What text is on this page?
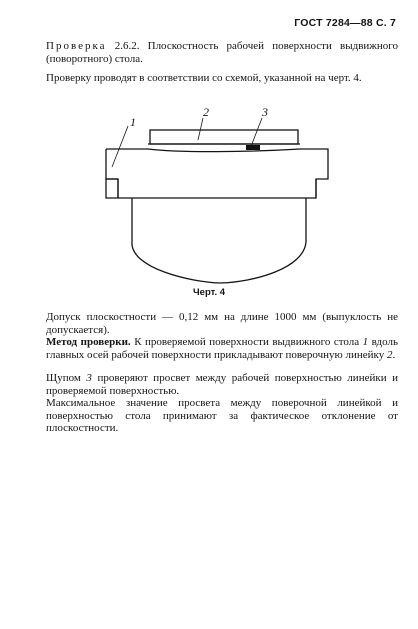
ГОСТ 7284—88 С. 7
Проверка 2.6.2. Плоскостность рабочей поверхности выдвижного (поворотного) стола.
Проверку проводят в соответствии со схемой, указанной на черт. 4.
1
2	3
Черт. 4
Допуск плоскостности — 0,12 мм на длине 1000 мм (выпуклость не допускается).
Метод проверки. К проверяемой поверхности выдвижного стола 1 вдоль главных осей рабочей поверхности прикладывают поверочную линейку 2.
Щупом 3 проверяют просвет между рабочей поверхностью линейки и проверяемой поверхностью.
Максимальное значение просвета между поверочной линейкой и поверхностью стола принимают за фактическое отклонение от плоскостности.
